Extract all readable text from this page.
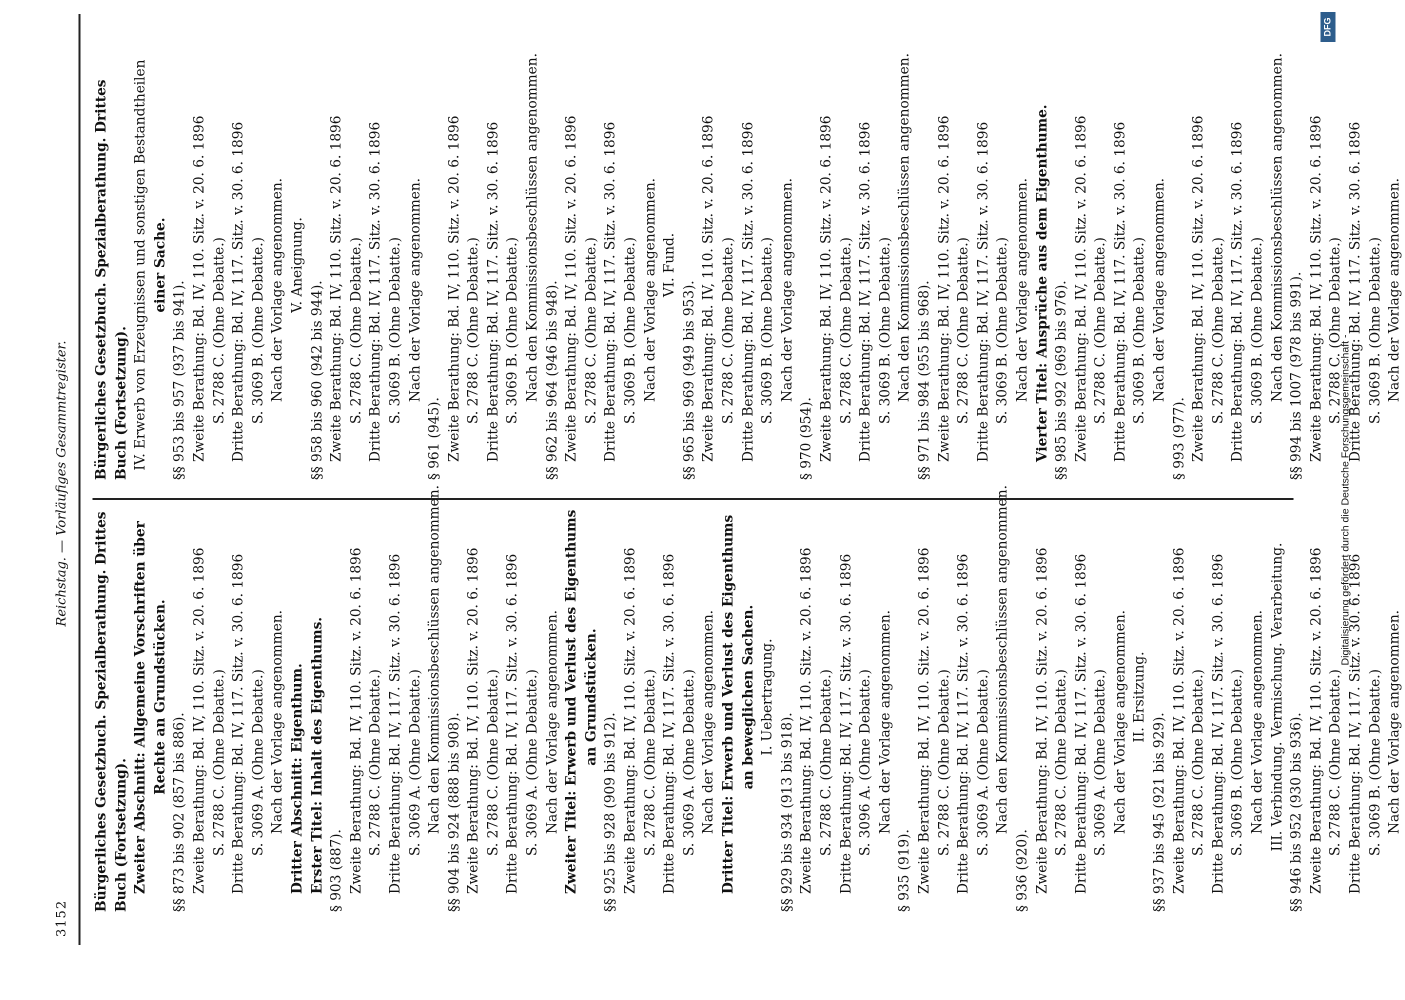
3152
Reichstag. — Vorläufiges Gesammtregister.
Bürgerliches Gesetzbuch. Spezialberathung. Drittes Buch (Fortsetzung). Zweiter Abschnitt: Allgemeine Vorschriften über Rechte an Grundstücken.
§§ 873 bis 902 (857 bis 886). Zweite Berathung: Bd. IV, 110. Sitz. v. 20. 6. 1896 S. 2788 C. (Ohne Debatte.) Dritte Berathung: Bd. IV, 117. Sitz. v. 30. 6. 1896 S. 3069 A. (Ohne Debatte.) Nach der Vorlage angenommen. Dritter Abschnitt: Eigenthum. Erster Titel: Inhalt des Eigenthums. § 903 (887). Zweite Berathung: Bd. IV, 110. Sitz. v. 20. 6. 1896 S. 2788 C. (Ohne Debatte.) Dritte Berathung: Bd. IV, 117. Sitz. v. 30. 6. 1896 S. 3069 A. (Ohne Debatte.) Nach den Kommissionsbeschlüssen angenommen. §§ 904 bis 924 (888 bis 908). Zweite Berathung: Bd. IV, 110. Sitz. v. 20. 6. 1896 S. 2788 C. (Ohne Debatte.) Dritte Berathung: Bd. IV, 117. Sitz. v. 30. 6. 1896 S. 3069 A. (Ohne Debatte.) Nach der Vorlage angenommen. Zweiter Titel: Erwerb und Verlust des Eigenthums an Grundstücken.
§§ 925 bis 928 (909 bis 912). Zweite Berathung: Bd. IV, 110. Sitz. v. 20. 6. 1896 S. 2788 C. (Ohne Debatte.) Dritte Berathung: Bd. IV, 117. Sitz. v. 30. 6. 1896 S. 3069 A. (Ohne Debatte.) Nach der Vorlage angenommen. Dritter Titel: Erwerb und Verlust des Eigenthums an beweglichen Sachen. I. Uebertragung.
§§ 929 bis 934 (913 bis 918). Zweite Berathung: Bd. IV, 110. Sitz. v. 20. 6. 1896 S. 2788 C. (Ohne Debatte.) Dritte Berathung: Bd. IV, 117. Sitz. v. 30. 6. 1896 S. 3096 A. (Ohne Debatte.) Nach der Vorlage angenommen.
§ 935 (919). Zweite Berathung: Bd. IV, 110. Sitz. v. 20. 6. 1896 S. 2788 C. (Ohne Debatte.) Dritte Berathung: Bd. IV, 117. Sitz. v. 30. 6. 1896 S. 3069 A. (Ohne Debatte.) Nach den Kommissionsbeschlüssen angenommen.
§ 936 (920). Zweite Berathung: Bd. IV, 110. Sitz. v. 20. 6. 1896 S. 2788 C. (Ohne Debatte.) Dritte Berathung: Bd. IV, 117. Sitz. v. 30. 6. 1896 S. 3069 A. (Ohne Debatte.) Nach der Vorlage angenommen. II. Ersitzung.
§§ 937 bis 945 (921 bis 929). Zweite Berathung: Bd. IV, 110. Sitz. v. 20. 6. 1896 S. 2788 C. (Ohne Debatte.) Dritte Berathung: Bd. IV, 117. Sitz. v. 30. 6. 1896 S. 3069 B. (Ohne Debatte.) Nach der Vorlage angenommen. III. Verbindung. Vermischung. Verarbeitung. §§ 946 bis 952 (930 bis 936). Zweite Berathung: Bd. IV, 110. Sitz. v. 20. 6. 1896 S. 2788 C. (Ohne Debatte.) Dritte Berathung: Bd. IV, 117. Sitz. v. 30. 6. 1896 S. 3069 B. (Ohne Debatte.) Nach der Vorlage angenommen.
Bürgerliches Gesetzbuch. Spezialberathung. Drittes Buch (Fortsetzung). IV. Erwerb von Erzeugnissen und sonstigen Bestandtheilen einer Sache.
§§ 953 bis 957 (937 bis 941). Zweite Berathung: Bd. IV, 110. Sitz. v. 20. 6. 1896 S. 2788 C. (Ohne Debatte.) Dritte Berathung: Bd. IV, 117. Sitz. v. 30. 6. 1896 S. 3069 B. (Ohne Debatte.) Nach der Vorlage angenommen. V. Aneignung.
§§ 958 bis 960 (942 bis 944). Zweite Berathung: Bd. IV, 110. Sitz. v. 20. 6. 1896 S. 2788 C. (Ohne Debatte.) Dritte Berathung: Bd. IV, 117. Sitz. v. 30. 6. 1896 S. 3069 B. (Ohne Debatte.) Nach der Vorlage angenommen.
§ 961 (945). Zweite Berathung: Bd. IV, 110. Sitz. v. 20. 6. 1896 S. 2788 C. (Ohne Debatte.) Dritte Berathung: Bd. IV, 117. Sitz. v. 30. 6. 1896 S. 3069 B. (Ohne Debatte.) Nach den Kommissionsbeschlüssen angenommen. §§ 962 bis 964 (946 bis 948). Zweite Berathung: Bd. IV, 110. Sitz. v. 20. 6. 1896 S. 2788 C. (Ohne Debatte.) Dritte Berathung: Bd. IV, 117. Sitz. v. 30. 6. 1896 S. 3069 B. (Ohne Debatte.) Nach der Vorlage angenommen. VI. Fund.
§§ 965 bis 969 (949 bis 953). Zweite Berathung: Bd. IV, 110. Sitz. v. 20. 6. 1896 S. 2788 C. (Ohne Debatte.) Dritte Berathung: Bd. IV, 117. Sitz. v. 30. 6. 1896 S. 3069 B. (Ohne Debatte.) Nach der Vorlage angenommen.
§ 970 (954). Zweite Berathung: Bd. IV, 110. Sitz. v. 20. 6. 1896 S. 2788 C. (Ohne Debatte.) Dritte Berathung: Bd. IV, 117. Sitz. v. 30. 6. 1896 S. 3069 B. (Ohne Debatte.) Nach den Kommissionsbeschlüssen angenommen. §§ 971 bis 984 (955 bis 968). Zweite Berathung: Bd. IV, 110. Sitz. v. 20. 6. 1896 S. 2788 C. (Ohne Debatte.) Dritte Berathung: Bd. IV, 117. Sitz. v. 30. 6. 1896 S. 3069 B. (Ohne Debatte.) Nach der Vorlage angenommen. Vierter Titel: Ansprüche aus dem Eigenthume. §§ 985 bis 992 (969 bis 976). Zweite Berathung: Bd. IV, 110. Sitz. v. 20. 6. 1896 S. 2788 C. (Ohne Debatte.) Dritte Berathung: Bd. IV, 117. Sitz. v. 30. 6. 1896 S. 3069 B. (Ohne Debatte.) Nach der Vorlage angenommen.
§ 993 (977). Zweite Berathung: Bd. IV, 110. Sitz. v. 20. 6. 1896 S. 2788 C. (Ohne Debatte.) Dritte Berathung: Bd. IV, 117. Sitz. v. 30. 6. 1896 S. 3069 B. (Ohne Debatte.) Nach den Kommissionsbeschlüssen angenommen. §§ 994 bis 1007 (978 bis 991). Zweite Berathung: Bd. IV, 110. Sitz. v. 20. 6. 1896 S. 2788 C. (Ohne Debatte.) Dritte Berathung: Bd. IV, 117. Sitz. v. 30. 6. 1896 S. 3069 B. (Ohne Debatte.) Nach der Vorlage angenommen.
Digitalisierung gefördert durch die Deutsche Forschungsgemeinschaft -
DFG
